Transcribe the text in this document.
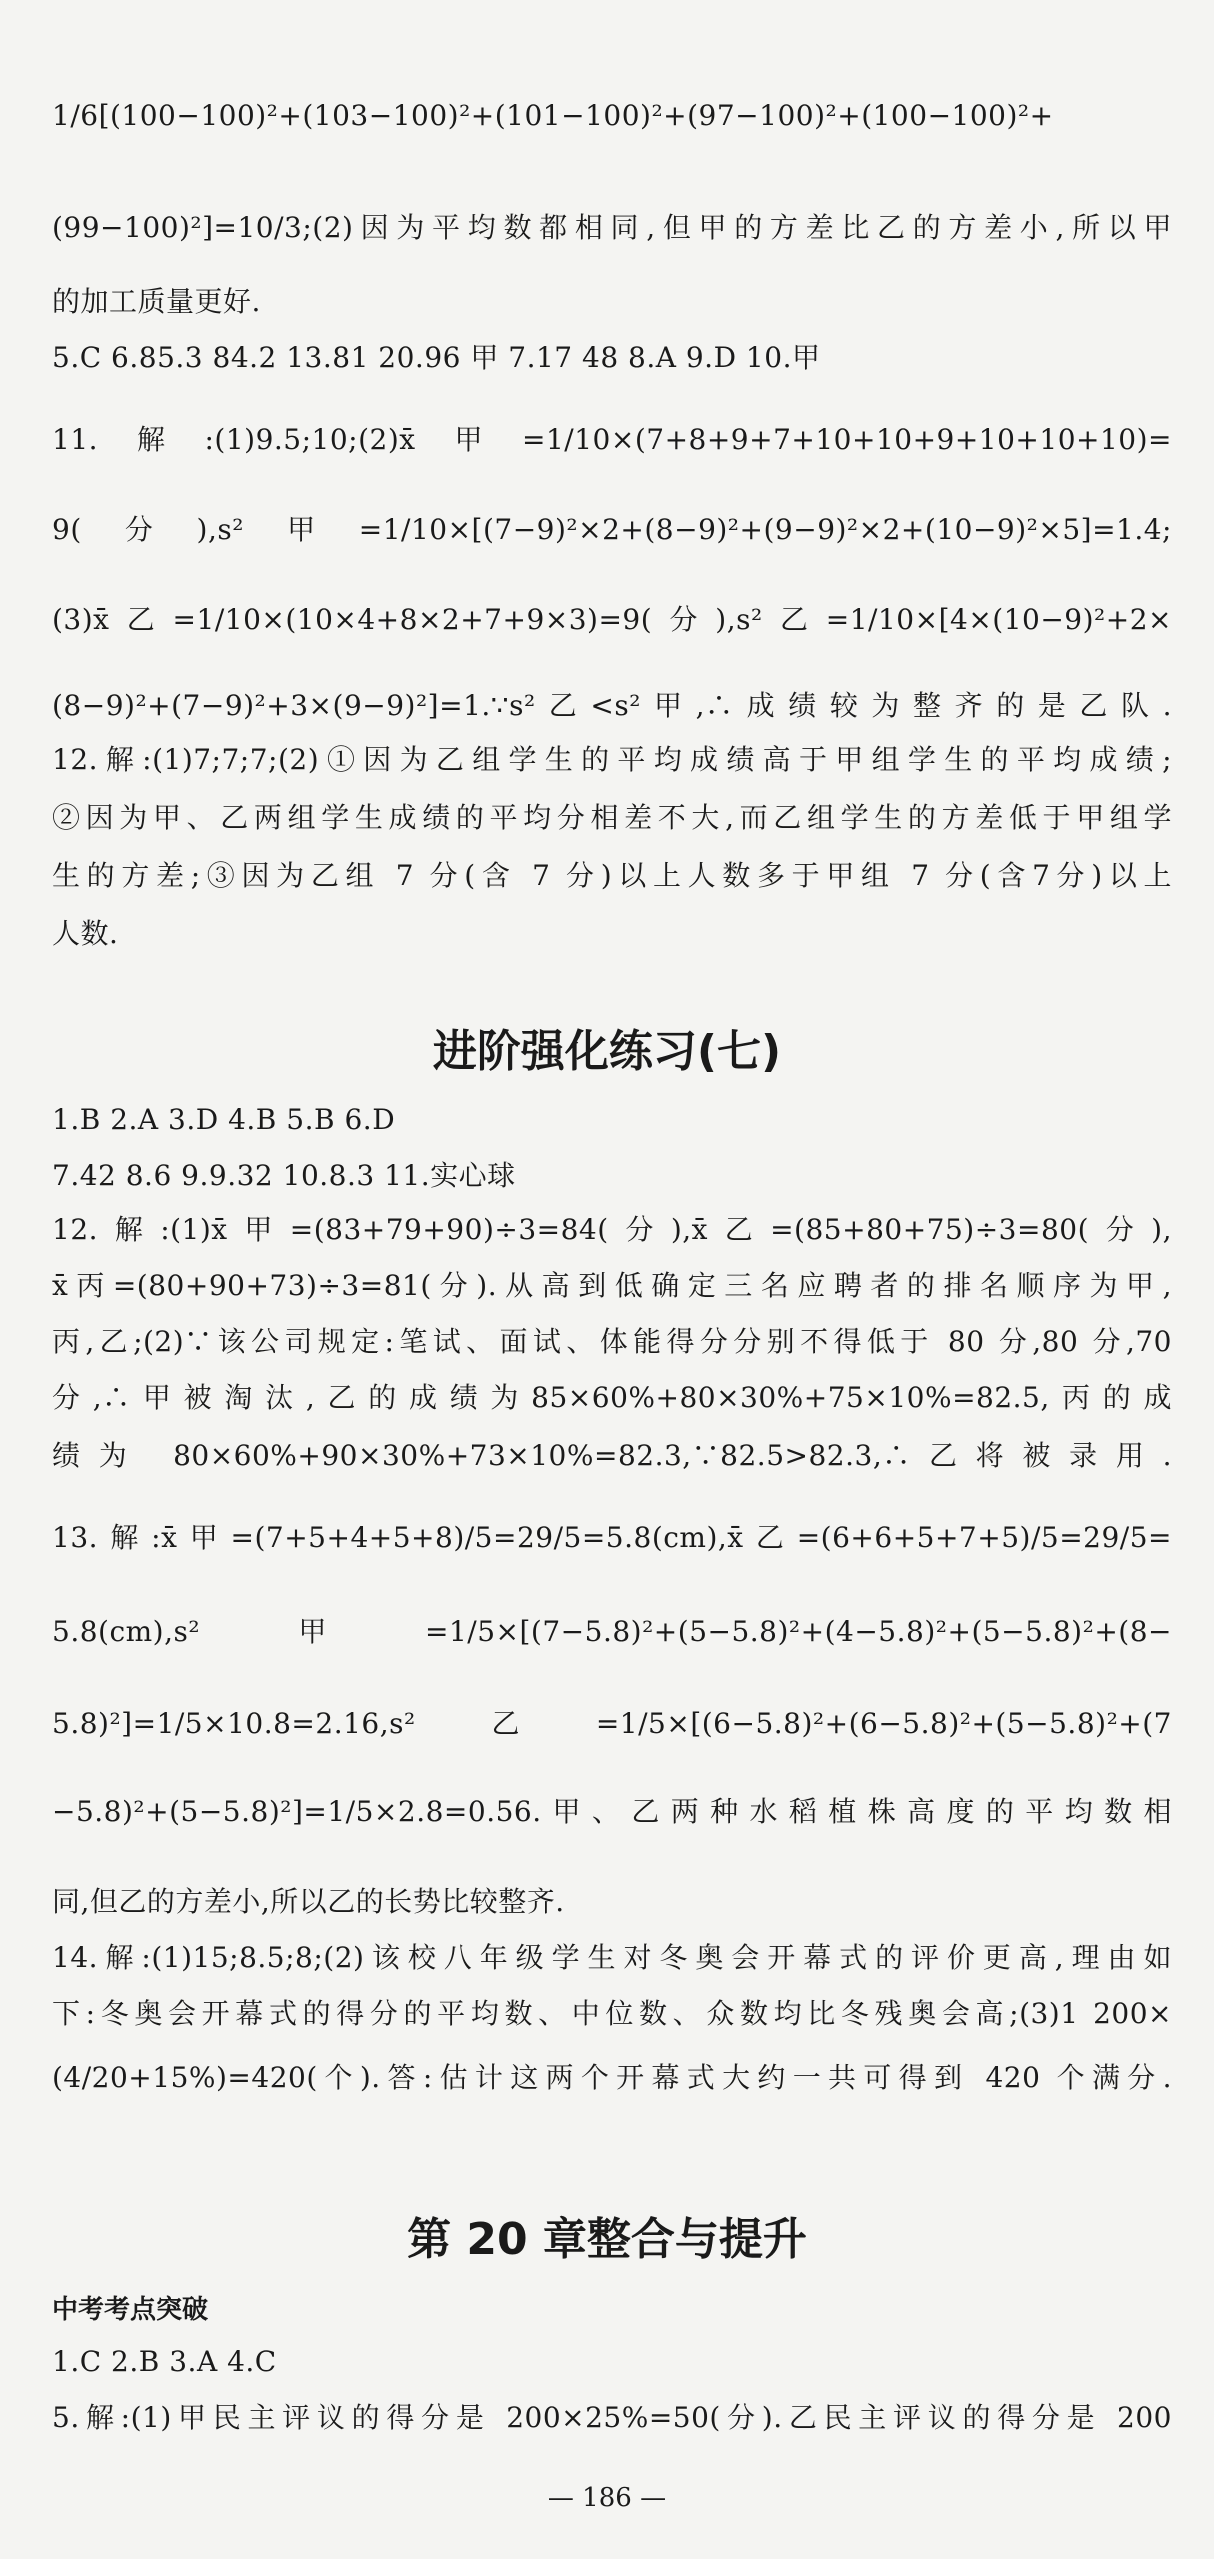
1/6[(100−100)²+(103−100)²+(101−100)²+(97−100)²+(100−100)²+
(99−100)²]=10/3;(2)因为平均数都相同,但甲的方差比乙的方差小,所以甲
的加工质量更好.
5.C 6.85.3 84.2 13.81 20.96 甲 7.17 48 8.A 9.D 10.甲
11.解:(1)9.5;10;(2)x̄甲=1/10×(7+8+9+7+10+10+9+10+10+10)=
9(分),s²甲=1/10×[(7−9)²×2+(8−9)²+(9−9)²×2+(10−9)²×5]=1.4;
(3)x̄乙=1/10×(10×4+8×2+7+9×3)=9(分),s²乙=1/10×[4×(10−9)²+2×
(8−9)²+(7−9)²+3×(9−9)²]=1.∵s²乙<s²甲,∴成绩较为整齐的是乙队.
12.解:(1)7;7;7;(2)①因为乙组学生的平均成绩高于甲组学生的平均成绩;
②因为甲、乙两组学生成绩的平均分相差不大,而乙组学生的方差低于甲组学
生的方差;③因为乙组 7 分(含 7 分)以上人数多于甲组 7 分(含7分)以上
人数.
进阶强化练习(七)
1.B 2.A 3.D 4.B 5.B 6.D
7.42 8.6 9.9.32 10.8.3 11.实心球
12.解:(1)x̄甲=(83+79+90)÷3=84(分),x̄乙=(85+80+75)÷3=80(分),
x̄丙=(80+90+73)÷3=81(分).从高到低确定三名应聘者的排名顺序为甲,
丙,乙;(2)∵该公司规定:笔试、面试、体能得分分别不得低于 80 分,80 分,70
分,∴甲被淘汰,乙的成绩为85×60%+80×30%+75×10%=82.5,丙的成
绩为 80×60%+90×30%+73×10%=82.3,∵82.5>82.3,∴乙将被录用.
13.解:x̄甲=(7+5+4+5+8)/5=29/5=5.8(cm),x̄乙=(6+6+5+7+5)/5=29/5=
5.8(cm),s²甲=1/5×[(7−5.8)²+(5−5.8)²+(4−5.8)²+(5−5.8)²+(8−
5.8)²]=1/5×10.8=2.16,s²乙=1/5×[(6−5.8)²+(6−5.8)²+(5−5.8)²+(7
−5.8)²+(5−5.8)²]=1/5×2.8=0.56.甲、乙两种水稻植株高度的平均数相
同,但乙的方差小,所以乙的长势比较整齐.
14.解:(1)15;8.5;8;(2)该校八年级学生对冬奥会开幕式的评价更高,理由如
下:冬奥会开幕式的得分的平均数、中位数、众数均比冬残奥会高;(3)1 200×
(4/20+15%)=420(个).答:估计这两个开幕式大约一共可得到 420 个满分.
第 20 章整合与提升
中考考点突破
1.C 2.B 3.A 4.C
5.解:(1)甲民主评议的得分是 200×25%=50(分).乙民主评议的得分是 200
— 186 —
